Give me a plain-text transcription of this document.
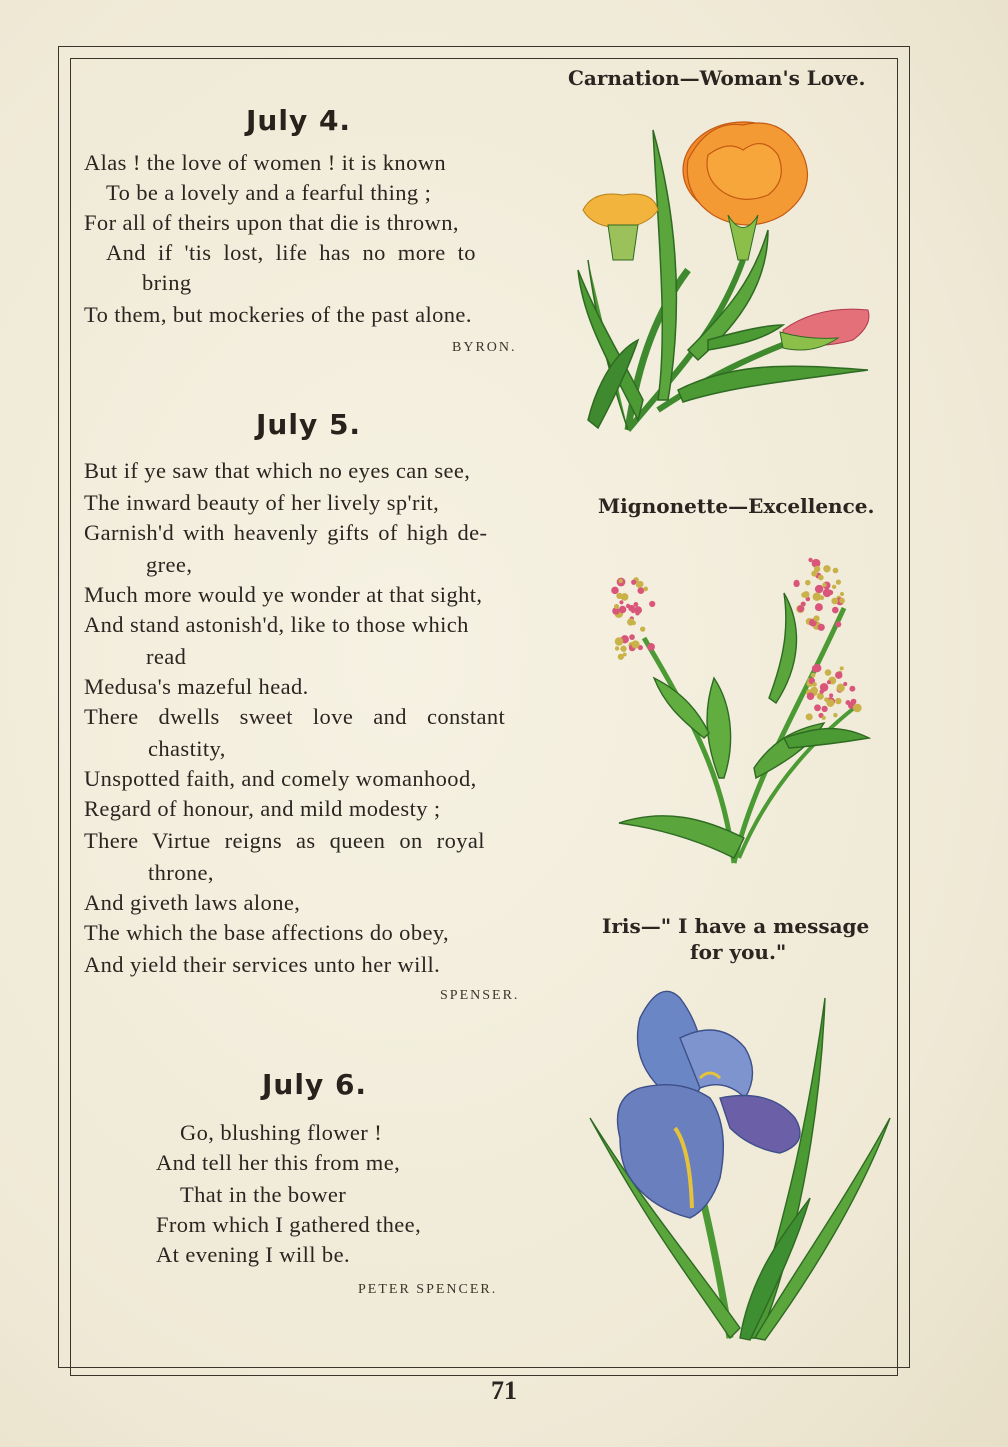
July 4.
Alas ! the love of women ! it is known
To be a lovely and a fearful thing ;
For all of theirs upon that die is thrown,
And if 'tis lost, life has no more to
bring
To them, but mockeries of the past alone.
BYRON.
July 5.
But if ye saw that which no eyes can see,
The inward beauty of her lively sp'rit,
Garnish'd with heavenly gifts of high de-
gree,
Much more would ye wonder at that sight,
And stand astonish'd, like to those which
read
Medusa's mazeful head.
There dwells sweet love and constant
chastity,
Unspotted faith, and comely womanhood,
Regard of honour, and mild modesty ;
There Virtue reigns as queen on royal
throne,
And giveth laws alone,
The which the base affections do obey,
And yield their services unto her will.
SPENSER.
July 6.
Go, blushing flower !
And tell her this from me,
That in the bower
From which I gathered thee,
At evening I will be.
PETER SPENCER.
Carnation—Woman's Love.
Mignonette—Excellence.
Iris—" I have a message
for you."
71
